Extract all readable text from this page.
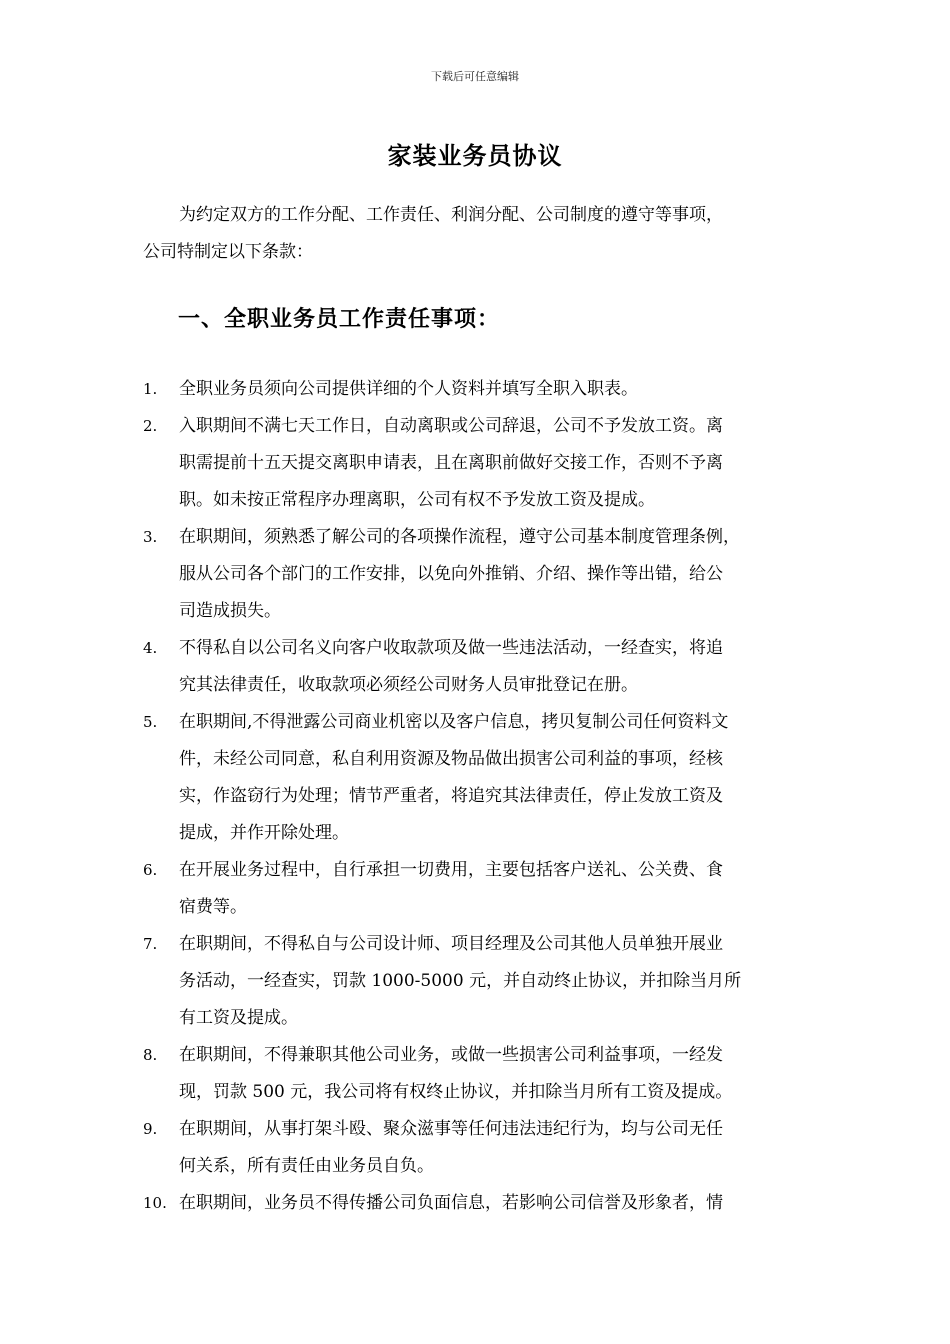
下载后可任意编辑
家装业务员协议

为约定双方的工作分配、工作责任、利润分配、公司制度的遵守等事项，

公司特制定以下条款：

一、全职业务员工作责任事项：
1. 全职业务员须向公司提供详细的个人资料并填写全职入职表。
2. 入职期间不满七天工作日，自动离职或公司辞退，公司不予发放工资。离
职需提前十五天提交离职申请表，且在离职前做好交接工作，否则不予离
职。如未按正常程序办理离职，公司有权不予发放工资及提成。
3. 在职期间，须熟悉了解公司的各项操作流程，遵守公司基本制度管理条例，
服从公司各个部门的工作安排，以免向外推销、介绍、操作等出错，给公
司造成损失。
4. 不得私自以公司名义向客户收取款项及做一些违法活动，一经查实，将追
究其法律责任，收取款项必须经公司财务人员审批登记在册。
5. 在职期间,不得泄露公司商业机密以及客户信息，拷贝复制公司任何资料文
件，未经公司同意，私自利用资源及物品做出损害公司利益的事项，经核
实，作盗窃行为处理；情节严重者，将追究其法律责任，停止发放工资及
提成，并作开除处理。
6. 在开展业务过程中，自行承担一切费用，主要包括客户送礼、公关费、食
宿费等。
7. 在职期间，不得私自与公司设计师、项目经理及公司其他人员单独开展业
务活动，一经查实，罚款 1000-5000 元，并自动终止协议，并扣除当月所
有工资及提成。
8. 在职期间，不得兼职其他公司业务，或做一些损害公司利益事项，一经发
现，罚款 500 元，我公司将有权终止协议，并扣除当月所有工资及提成。
9. 在职期间，从事打架斗殴、聚众滋事等任何违法违纪行为，均与公司无任
何关系，所有责任由业务员自负。
10. 在职期间，业务员不得传播公司负面信息，若影响公司信誉及形象者，情
